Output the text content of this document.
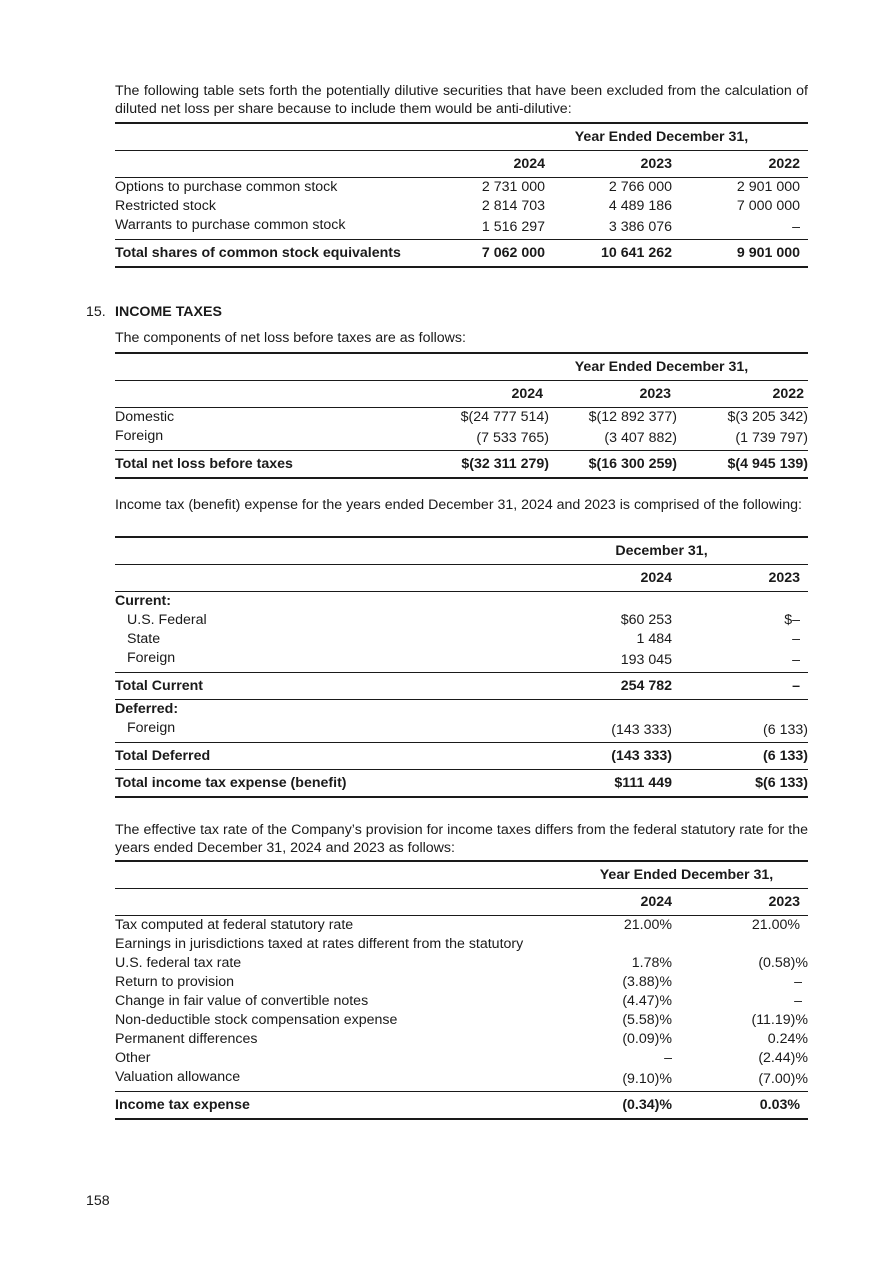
The following table sets forth the potentially dilutive securities that have been excluded from the calculation of diluted net loss per share because to include them would be anti-dilutive:

	Year Ended December 31,		
	2024	2023	2022
Options to purchase common stock	2 731 000	2 766 000	2 901 000
Restricted stock	2 814 703	4 489 186	7 000 000
Warrants to purchase common stock	1 516 297	3 386 076	–
Total shares of common stock equivalents	7 062 000	10 641 262	9 901 000

15. INCOME TAXES

The components of net loss before taxes are as follows:

	Year Ended December 31,		
	2024	2023	2022
Domestic	$(24 777 514)	$(12 892 377)	$(3 205 342)
Foreign	(7 533 765)	(3 407 882)	(1 739 797)
Total net loss before taxes	$(32 311 279)	$(16 300 259)	$(4 945 139)

Income tax (benefit) expense for the years ended December 31, 2024 and 2023 is comprised of the following:

	December 31,	
	2024	2023
Current:		
U.S. Federal	$60 253	$–
State	1 484	–
Foreign	193 045	–
Total Current	254 782	–
Deferred:		
Foreign	(143 333)	(6 133)
Total Deferred	(143 333)	(6 133)
Total income tax expense (benefit)	$111 449	$(6 133)

The effective tax rate of the Company’s provision for income taxes differs from the federal statutory rate for the years ended December 31, 2024 and 2023 as follows:

	Year Ended December 31,	
	2024	2023
Tax computed at federal statutory rate	21.00%	21.00%
Earnings in jurisdictions taxed at rates different from the statutory		
U.S. federal tax rate	1.78%	(0.58)%
Return to provision	(3.88)%	–
Change in fair value of convertible notes	(4.47)%	–
Non-deductible stock compensation expense	(5.58)%	(11.19)%
Permanent differences	(0.09)%	0.24%
Other	–	(2.44)%
Valuation allowance	(9.10)%	(7.00)%
Income tax expense	(0.34)%	0.03%

158
